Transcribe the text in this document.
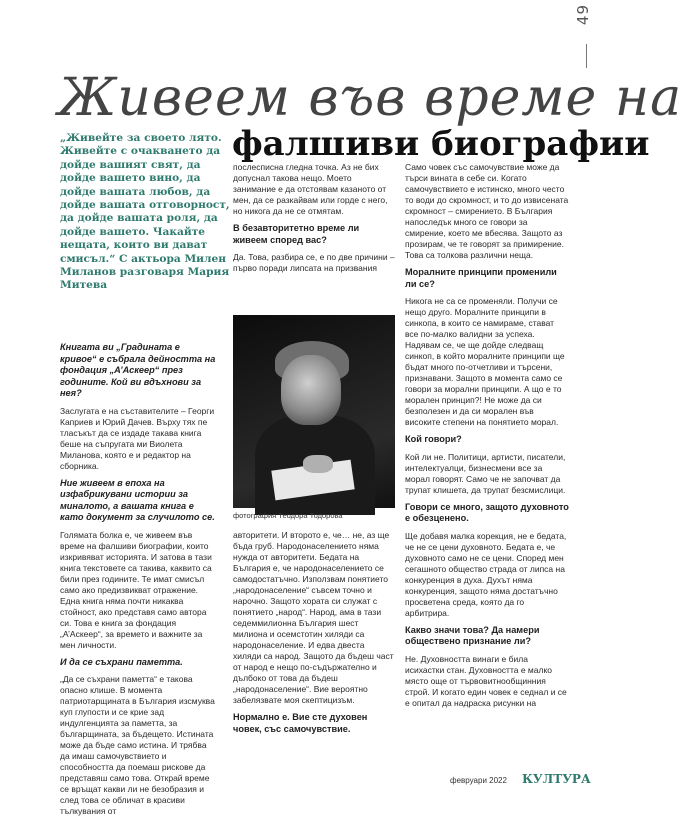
49
Живеем във време на
фалшиви биографии
„Живейте за своето лято. Живейте с очакването да дойде вашият свят, да дойде вашето вино, да дойде вашата любов, да дойде вашата отговорност, да дойде вашата роля, да дойде вашето. Чакайте нещата, които ви дават смисъл.“ С актьора Милен Миланов разговаря Мария Митева

Книгата ви „Градината е кривое“ е събрала дейността на фондация „А’Аскеер“ през годините. Кой ви вдъхнови за нея?

Заслугата е на съставителите – Георги Каприев и Юрий Дачев. Върху тях пе тласъкът да се издаде такава книга беше на съпругата ми Виолета Миланова, която е и редактор на сборника.

Ние живеем в епоха на изфабрикувани истории за миналото, а вашата книга е като документ за случилото се.

Голямата болка е, че живеем във време на фалшиви биографии, които изкривяват историята. И затова в тази книга текстовете са такива, каквито са били през годините. Те имат смисъл само ако предизвикват отражение. Една книга няма почти никаква стойност, ако представя само автора си. Това е книга за фондация „А’Аскеер“, за времето и важните за мен личности.

И да се съхрани паметта.

„Да се съхрани паметта“ е такова опасно клише. В момента патриотарщината в България изсмуква куп глупости и се крие зад индулгенцията за паметта, за българщината, за бъдещето. Истината може да бъде само истина. И трябва да имаш самочувствието и способността да поемаш рискове да представяш само това. Открай време се връщат какви ли не безобразия и след това се обличат в красиви тълкувания от

послесписна гледна точка. Аз не бих допуснал такова нещо. Моето занимание е да отстоявам казаното от мен, да се разкайвам или горде с него, но никога да не се отмятам.

В безавторитетно време ли живеем според вас?

Да. Това, разбира се, е по две причини – първо поради липсата на призвания

фотография Теодора Тодорова

авторитети. И второто е, че… не, аз ще бъда груб. Народонаселението няма нужда от авторитети. Бедата на България е, че народонаселението се самодостатъчно. Използвам понятието „народонаселение“ съвсем точно и нарочно. Защото хората си служат с понятието „народ“. Народ, ама в тази седеммилионна България шест милиона и осемстотин хиляди са народонаселение. И едва двеста хиляди са народ. Защото да бъдеш част от народ е нещо по-съдържателно и дълбоко от това да бъдеш „народонаселение“. Вие вероятно забелязвате моя скептицизъм.

Нормално е. Вие сте духовен човек, със самочувствие.

Само човек със самочувствие може да търси вината в себе си. Когато самочувствието е истинско, много често то води до скромност, и то до извисената скромност – смирението. В България напоследък много се говори за смирение, което ме вбесява. Защото аз прозирам, че те говорят за примирение. Това са толкова различни неща.

Моралните принципи променили ли се?

Никога не са се променяли. Получи се нещо друго. Моралните принципи в синкопа, в които се намираме, стават все по-малко валидни за успеха. Надявам се, че ще дойде следващ синкоп, в който моралните принципи ще бъдат много по-отчетливи и търсени, признавани. Защото в момента само се говори за морални принципи. А що е то морален принцип?! Не може да си безполезен и да си морален във високите степени на понятието морал.

Кой говори?

Кой ли не. Политици, артисти, писатели, интелектуалци, бизнесмени все за морал говорят. Само че не започват да трупат клишета, да трупат безсмислици.

Говори се много, защото духовното е обезценено.

Ще добавя малка корекция, не е бедата, че не се цени духовното. Бедата е, че духовното само не се цени. Според мен сегашното общество страда от липса на конкуренция в духа. Духът няма конкуренция, защото няма достатъчно просветена среда, която да го арбитрира.

Какво значи това? Да намери обществено признание ли?

Не. Духовността винаги е била исихастки стан. Духовността е малко място още от тървовитнообщинния строй. И когато един човек е седнал и се е опитал да надраска рисунки на

февруари 2022 КУЛТУРА
